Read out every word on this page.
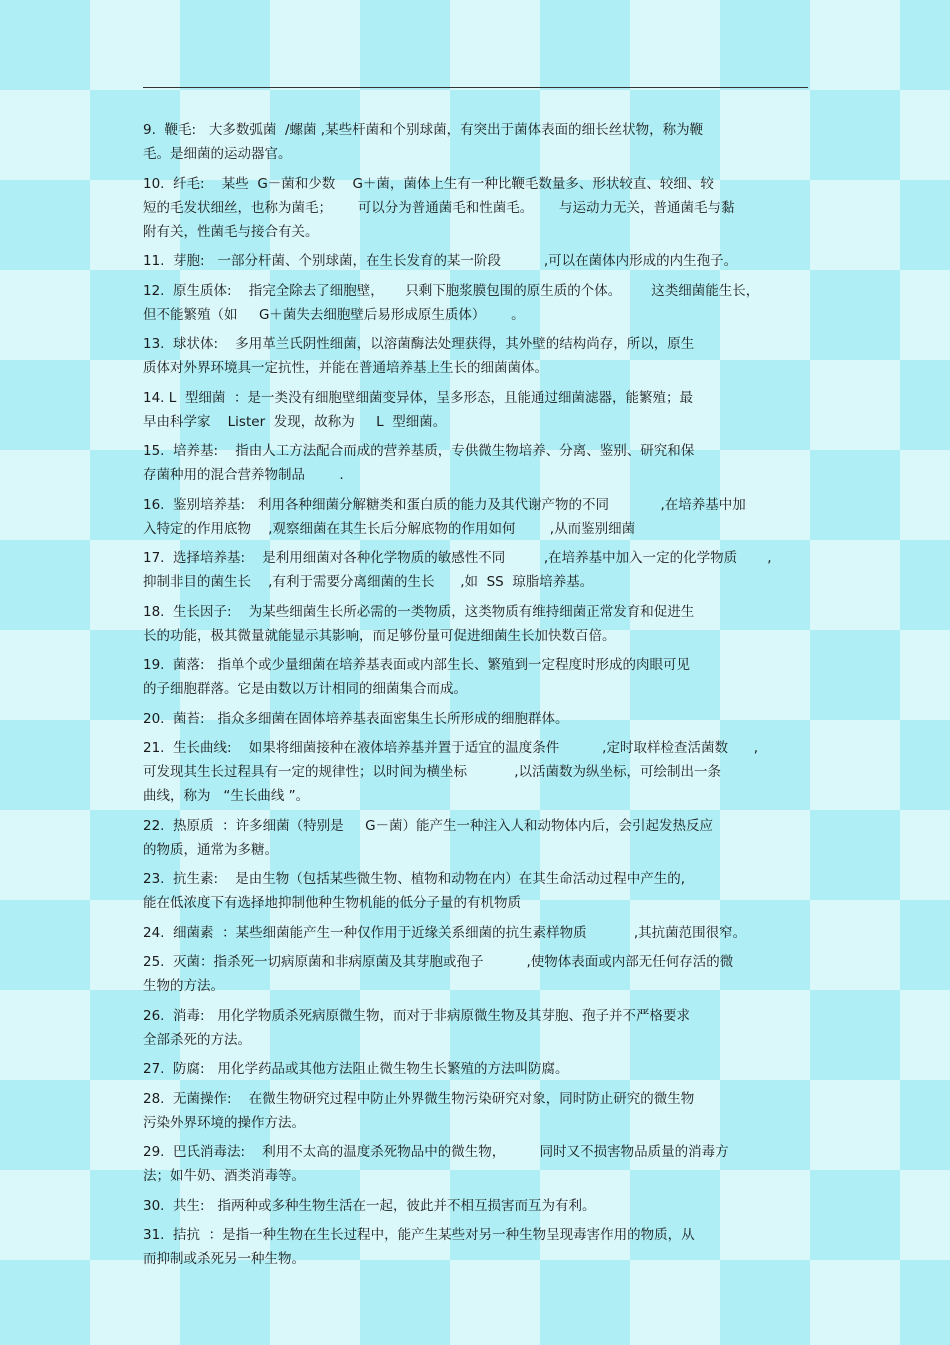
9.  鞭毛:   大多数弧菌  /螺菌 ,某些杆菌和个别球菌，有突出于菌体表面的细长丝状物，称为鞭
毛。是细菌的运动器官。
10.  纤毛:    某些  G－菌和少数    G＋菌，菌体上生有一种比鞭毛数量多、形状较直、较细、较
短的毛发状细丝，也称为菌毛；      可以分为普通菌毛和性菌毛。      与运动力无关，普通菌毛与黏
附有关，性菌毛与接合有关。
11.  芽胞:   一部分杆菌、个别球菌，在生长发育的某一阶段          ,可以在菌体内形成的内生孢子。
12.  原生质体:    指完全除去了细胞壁，     只剩下胞浆膜包围的原生质的个体。       这类细菌能生长，
但不能繁殖（如     G＋菌失去细胞壁后易形成原生质体）      。
13.  球状体:    多用革兰氏阴性细菌，以溶菌酶法处理获得，其外壁的结构尚存，所以，原生
质体对外界环境具一定抗性，并能在普通培养基上生长的细菌菌体。
14. L  型细菌  ：是一类没有细胞壁细菌变异体，呈多形态，且能通过细菌滤器，能繁殖；最
早由科学家    Lister  发现，故称为     L  型细菌。
15.  培养基:    指由人工方法配合而成的营养基质，专供微生物培养、分离、鉴别、研究和保
存菌种用的混合营养物制品        .
16.  鉴别培养基:   利用各种细菌分解糖类和蛋白质的能力及其代谢产物的不同            ,在培养基中加
入特定的作用底物    ,观察细菌在其生长后分解底物的作用如何        ,从而鉴别细菌
17.  选择培养基:    是利用细菌对各种化学物质的敏感性不同         ,在培养基中加入一定的化学物质       ,
抑制非目的菌生长    ,有利于需要分离细菌的生长      ,如  SS  琼脂培养基。
18.  生长因子:    为某些细菌生长所必需的一类物质，这类物质有维持细菌正常发育和促进生
长的功能，极其微量就能显示其影响，而足够份量可促进细菌生长加快数百倍。
19.  菌落:   指单个或少量细菌在培养基表面或内部生长、繁殖到一定程度时形成的肉眼可见
的子细胞群落。它是由数以万计相同的细菌集合而成。
20.  菌苔:   指众多细菌在固体培养基表面密集生长所形成的细胞群体。
21.  生长曲线:    如果将细菌接种在液体培养基并置于适宜的温度条件          ,定时取样检查活菌数      ,
可发现其生长过程具有一定的规律性；以时间为横坐标           ,以活菌数为纵坐标，可绘制出一条
曲线，称为   “生长曲线 ”。
22.  热原质  ：许多细菌（特别是     G－菌）能产生一种注入人和动物体内后，会引起发热反应
的物质，通常为多糖。
23.  抗生素:    是由生物（包括某些微生物、植物和动物在内）在其生命活动过程中产生的,
能在低浓度下有选择地抑制他种生物机能的低分子量的有机物质
24.  细菌素  ：某些细菌能产生一种仅作用于近缘关系细菌的抗生素样物质           ,其抗菌范围很窄。
25.  灭菌：指杀死一切病原菌和非病原菌及其芽胞或孢子          ,使物体表面或内部无任何存活的微
生物的方法。
26.  消毒:   用化学物质杀死病原微生物，而对于非病原微生物及其芽胞、孢子并不严格要求
全部杀死的方法。
27.  防腐:   用化学药品或其他方法阻止微生物生长繁殖的方法叫防腐。
28.  无菌操作:    在微生物研究过程中防止外界微生物污染研究对象，同时防止研究的微生物
污染外界环境的操作方法。
29.  巴氏消毒法:    利用不太高的温度杀死物品中的微生物，        同时又不损害物品质量的消毒方
法；如牛奶、酒类消毒等。
30.  共生:   指两种或多种生物生活在一起，彼此并不相互损害而互为有利。
31.  拮抗  ：是指一种生物在生长过程中，能产生某些对另一种生物呈现毒害作用的物质，从
而抑制或杀死另一种生物。
